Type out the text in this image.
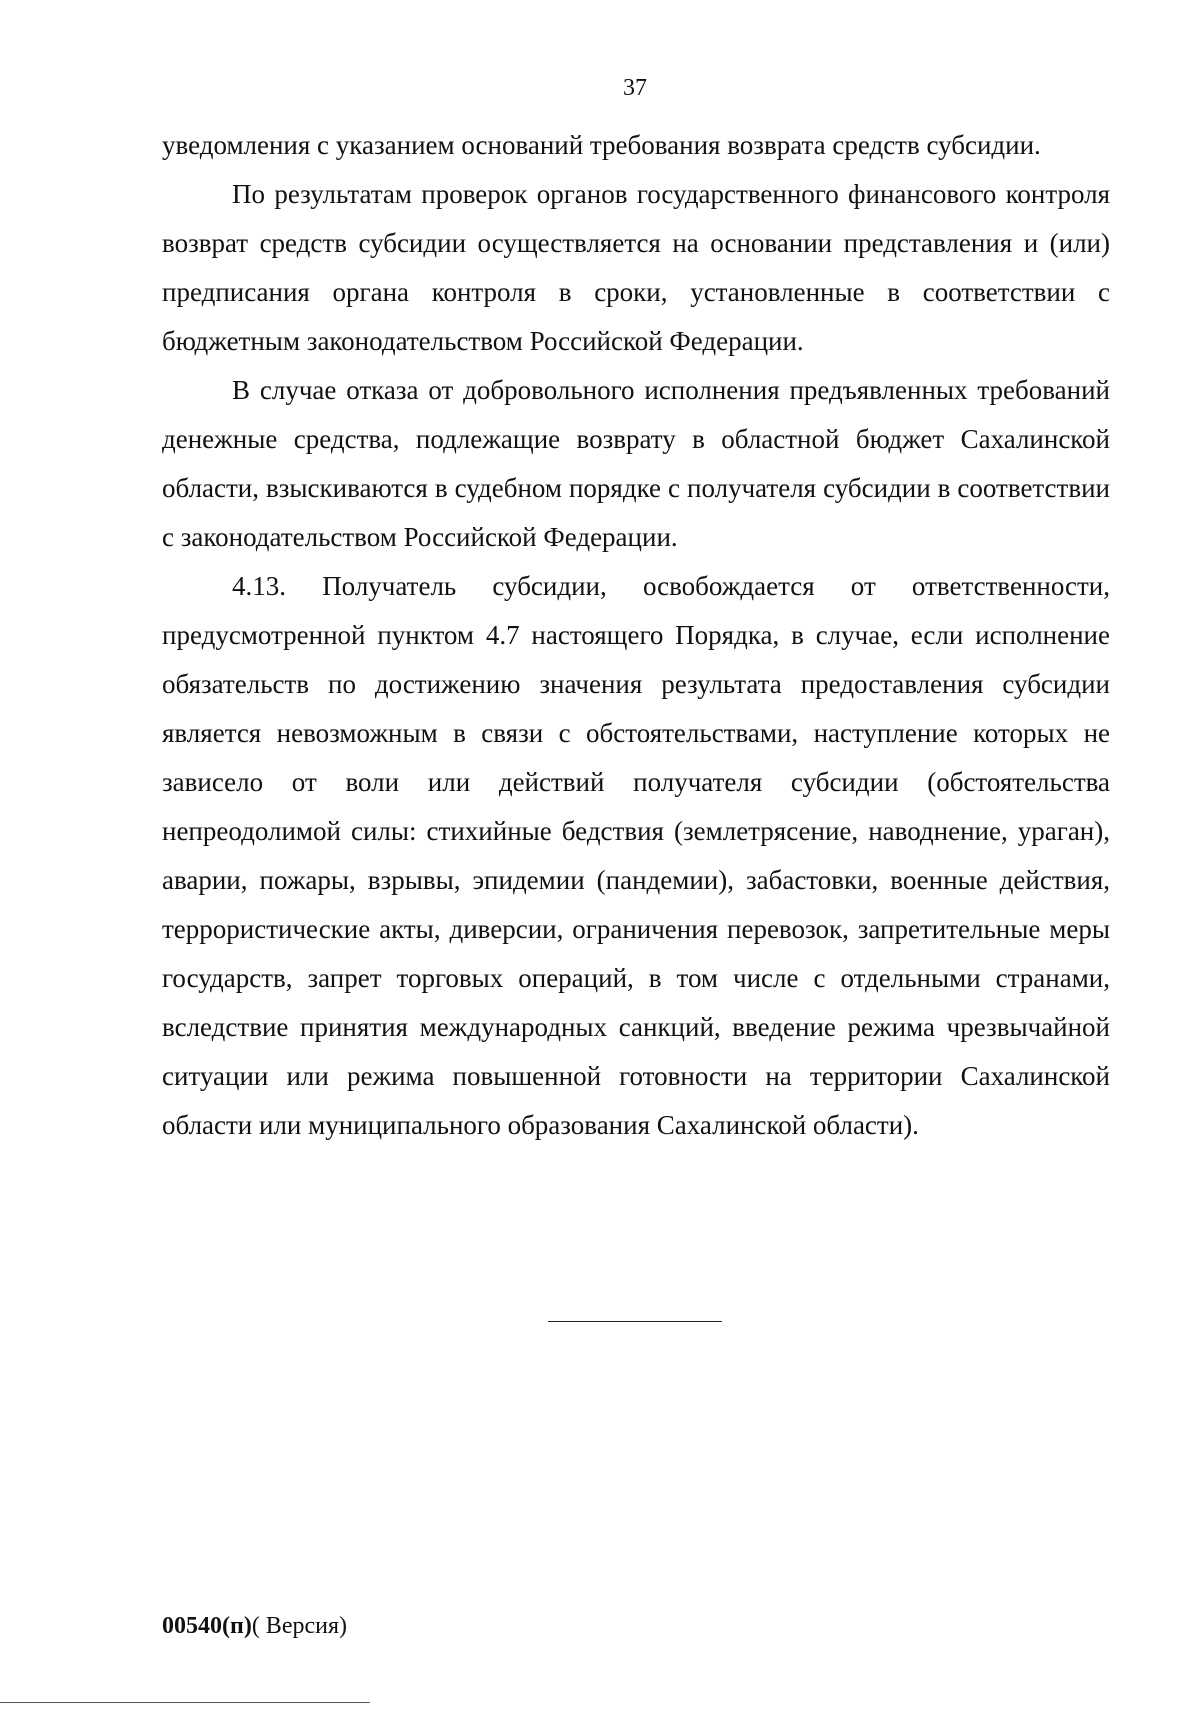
37

уведомления с указанием оснований требования возврата средств субсидии.

По результатам проверок органов государственного финансового контроля возврат средств субсидии осуществляется на основании представления и (или) предписания органа контроля в сроки, установленные в соответствии с бюджетным законодательством Российской Федерации.

В случае отказа от добровольного исполнения предъявленных требований денежные средства, подлежащие возврату в областной бюджет Сахалинской области, взыскиваются в судебном порядке с получателя субсидии в соответствии с законодательством Российской Федерации.

4.13. Получатель субсидии, освобождается от ответственности, предусмотренной пунктом 4.7 настоящего Порядка, в случае, если исполнение обязательств по достижению значения результата предоставления субсидии является невозможным в связи с обстоятельствами, наступление которых не зависело от воли или действий получателя субсидии (обстоятельства непреодолимой силы: стихийные бедствия (землетрясение, наводнение, ураган), аварии, пожары, взрывы, эпидемии (пандемии), забастовки, военные действия, террористические акты, диверсии, ограничения перевозок, запретительные меры государств, запрет торговых операций, в том числе с отдельными странами, вследствие принятия международных санкций, введение режима чрезвычайной ситуации или режима повышенной готовности на территории Сахалинской области или муниципального образования Сахалинской области).

00540(п)( Версия)
